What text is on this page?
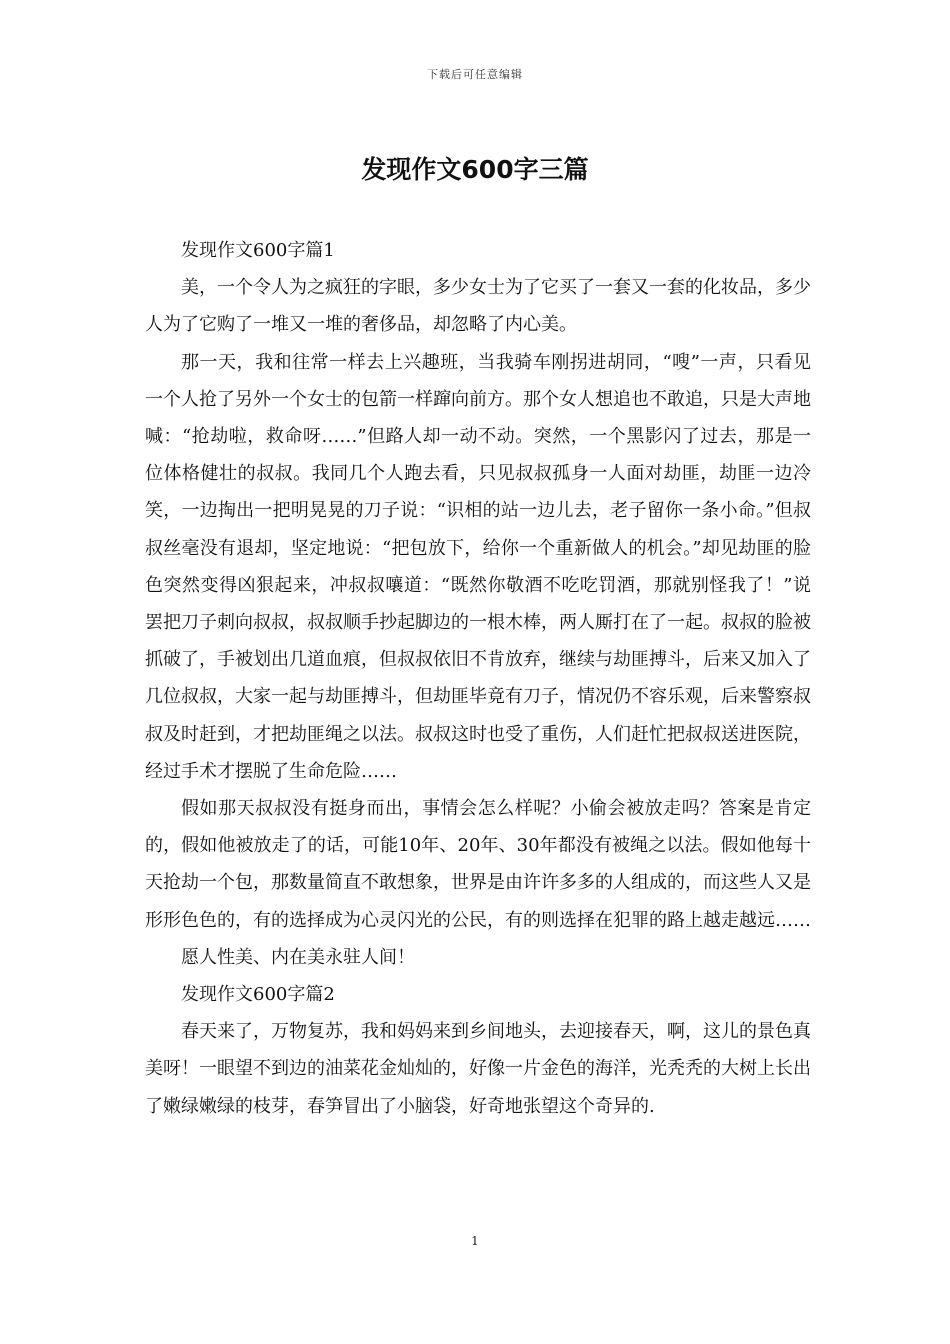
下载后可任意编辑
发现作文600字三篇

发现作文600字篇1

美，一个令人为之疯狂的字眼，多少女士为了它买了一套又一套的化妆品，多少人为了它购了一堆又一堆的奢侈品，却忽略了内心美。

那一天，我和往常一样去上兴趣班，当我骑车刚拐进胡同，“嗖”一声，只看见一个人抢了另外一个女士的包箭一样蹿向前方。那个女人想追也不敢追，只是大声地喊：“抢劫啦，救命呀……”但路人却一动不动。突然，一个黑影闪了过去，那是一位体格健壮的叔叔。我同几个人跑去看，只见叔叔孤身一人面对劫匪，劫匪一边冷笑，一边掏出一把明晃晃的刀子说：“识相的站一边儿去，老子留你一条小命。”但叔叔丝毫没有退却，坚定地说：“把包放下，给你一个重新做人的机会。”却见劫匪的脸色突然变得凶狠起来，冲叔叔嚷道：“既然你敬酒不吃吃罚酒，那就别怪我了！”说罢把刀子刺向叔叔，叔叔顺手抄起脚边的一根木棒，两人厮打在了一起。叔叔的脸被抓破了，手被划出几道血痕，但叔叔依旧不肯放弃，继续与劫匪搏斗，后来又加入了几位叔叔，大家一起与劫匪搏斗，但劫匪毕竟有刀子，情况仍不容乐观，后来警察叔叔及时赶到，才把劫匪绳之以法。叔叔这时也受了重伤，人们赶忙把叔叔送进医院，经过手术才摆脱了生命危险……

假如那天叔叔没有挺身而出，事情会怎么样呢？小偷会被放走吗？答案是肯定的，假如他被放走了的话，可能10年、20年、30年都没有被绳之以法。假如他每十天抢劫一个包，那数量简直不敢想象，世界是由许许多多的人组成的，而这些人又是形形色色的，有的选择成为心灵闪光的公民，有的则选择在犯罪的路上越走越远……

愿人性美、内在美永驻人间！

发现作文600字篇2

春天来了，万物复苏，我和妈妈来到乡间地头，去迎接春天，啊，这儿的景色真美呀！一眼望不到边的油菜花金灿灿的，好像一片金色的海洋，光秃秃的大树上长出了嫩绿嫩绿的枝芽，春笋冒出了小脑袋，好奇地张望这个奇异的.

1
